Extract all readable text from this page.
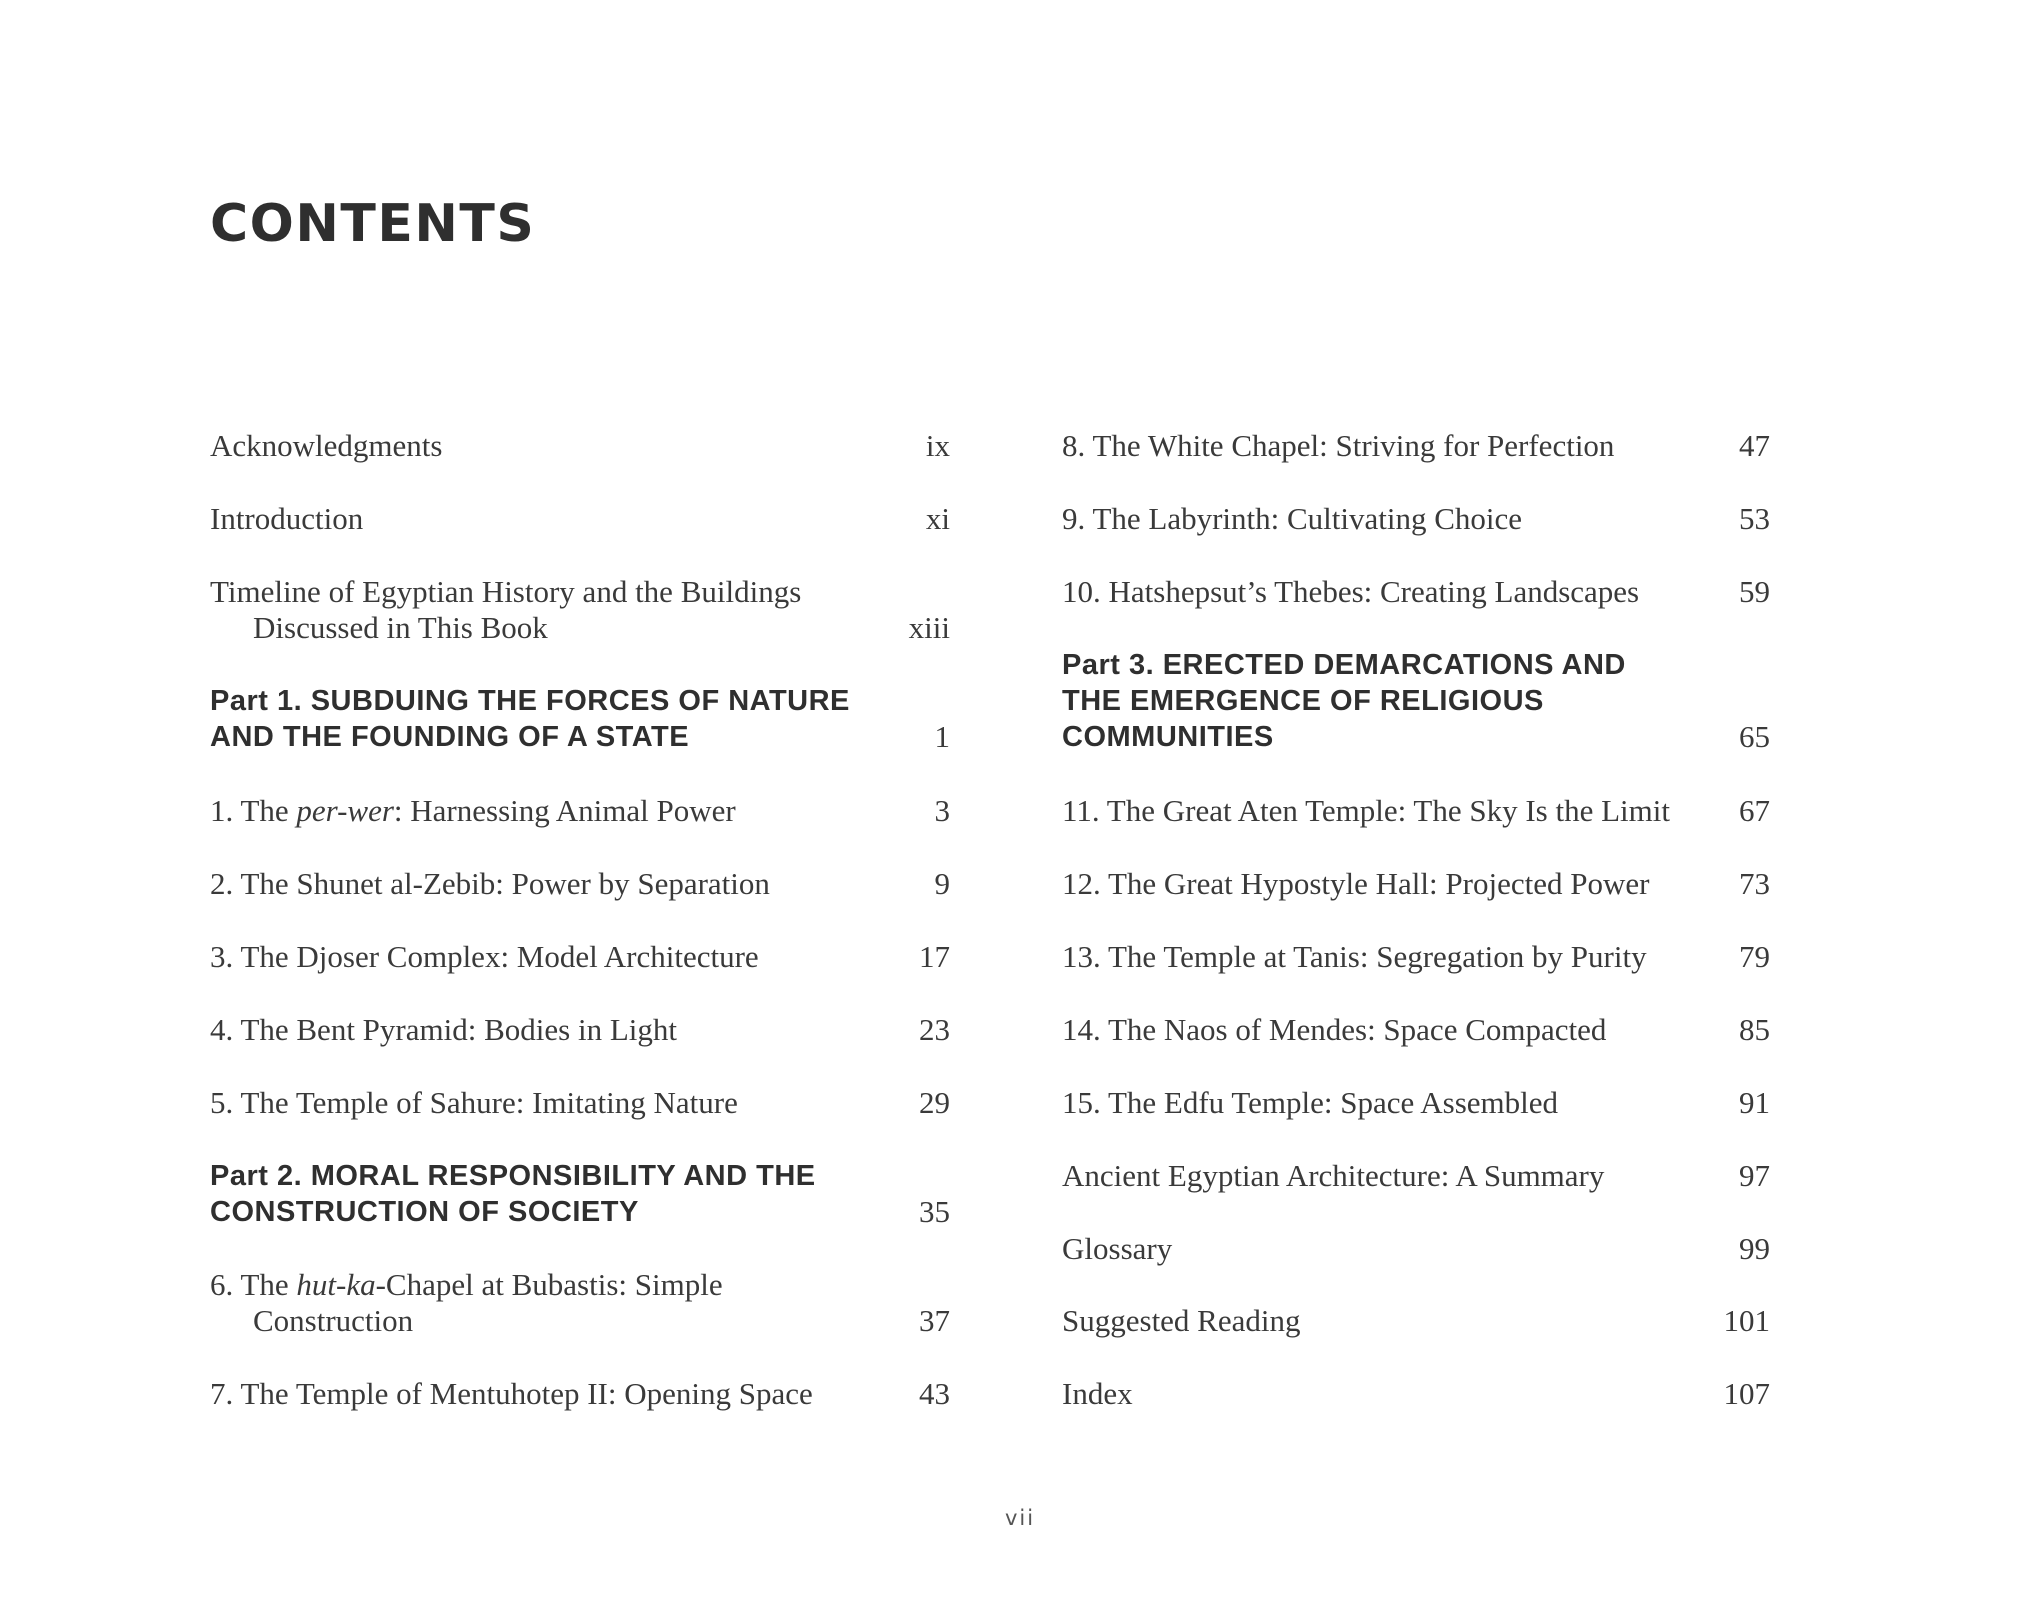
CONTENTS
Acknowledgments	ix
Introduction	xi
Timeline of Egyptian History and the Buildings
Discussed in This Book	xiii
Part 1. SUBDUING THE FORCES OF NATURE
AND THE FOUNDING OF A STATE	1
1. The per-wer: Harnessing Animal Power	3
2. The Shunet al-Zebib: Power by Separation	9
3. The Djoser Complex: Model Architecture	17
4. The Bent Pyramid: Bodies in Light	23
5. The Temple of Sahure: Imitating Nature	29
Part 2. MORAL RESPONSIBILITY AND THE
CONSTRUCTION OF SOCIETY	35
6. The hut-ka-Chapel at Bubastis: Simple
Construction	37
7. The Temple of Mentuhotep II: Opening Space	43
8. The White Chapel: Striving for Perfection	47
9. The Labyrinth: Cultivating Choice	53
10. Hatshepsut’s Thebes: Creating Landscapes	59
Part 3. ERECTED DEMARCATIONS AND
THE EMERGENCE OF RELIGIOUS
COMMUNITIES	65
11. The Great Aten Temple: The Sky Is the Limit	67
12. The Great Hypostyle Hall: Projected Power	73
13. The Temple at Tanis: Segregation by Purity	79
14. The Naos of Mendes: Space Compacted	85
15. The Edfu Temple: Space Assembled	91
Ancient Egyptian Architecture: A Summary	97
Glossary	99
Suggested Reading	101
Index	107
vii
